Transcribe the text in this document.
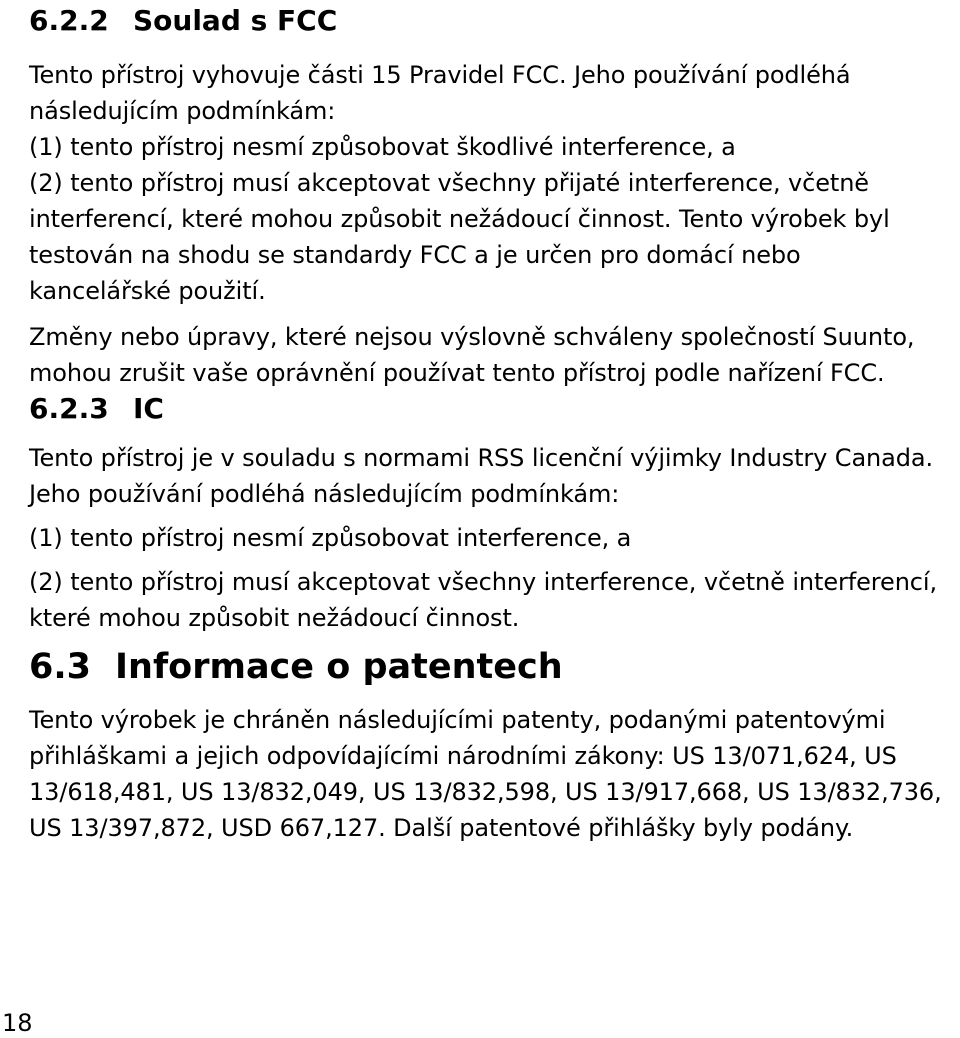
6.2.2 Soulad s FCC

Tento přístroj vyhovuje části 15 Pravidel FCC. Jeho používání podléhá následujícím podmínkám:

(1) tento přístroj nesmí způsobovat škodlivé interference, a

(2) tento přístroj musí akceptovat všechny přijaté interference, včetně interferencí, které mohou způsobit nežádoucí činnost. Tento výrobek byl testován na shodu se standardy FCC a je určen pro domácí nebo kancelářské použití.

Změny nebo úpravy, které nejsou výslovně schváleny společností Suunto, mohou zrušit vaše oprávnění používat tento přístroj podle nařízení FCC.

6.2.3 IC

Tento přístroj je v souladu s normami RSS licenční výjimky Industry Canada. Jeho používání podléhá následujícím podmínkám:

(1) tento přístroj nesmí způsobovat interference, a

(2) tento přístroj musí akceptovat všechny interference, včetně interferencí, které mohou způsobit nežádoucí činnost.

6.3 Informace o patentech

Tento výrobek je chráněn následujícími patenty, podanými patentovými přihláškami a jejich odpovídajícími národními zákony: US 13/071,624, US 13/618,481, US 13/832,049, US 13/832,598, US 13/917,668, US 13/832,736, US 13/397,872, USD 667,127. Další patentové přihlášky byly podány.

18
